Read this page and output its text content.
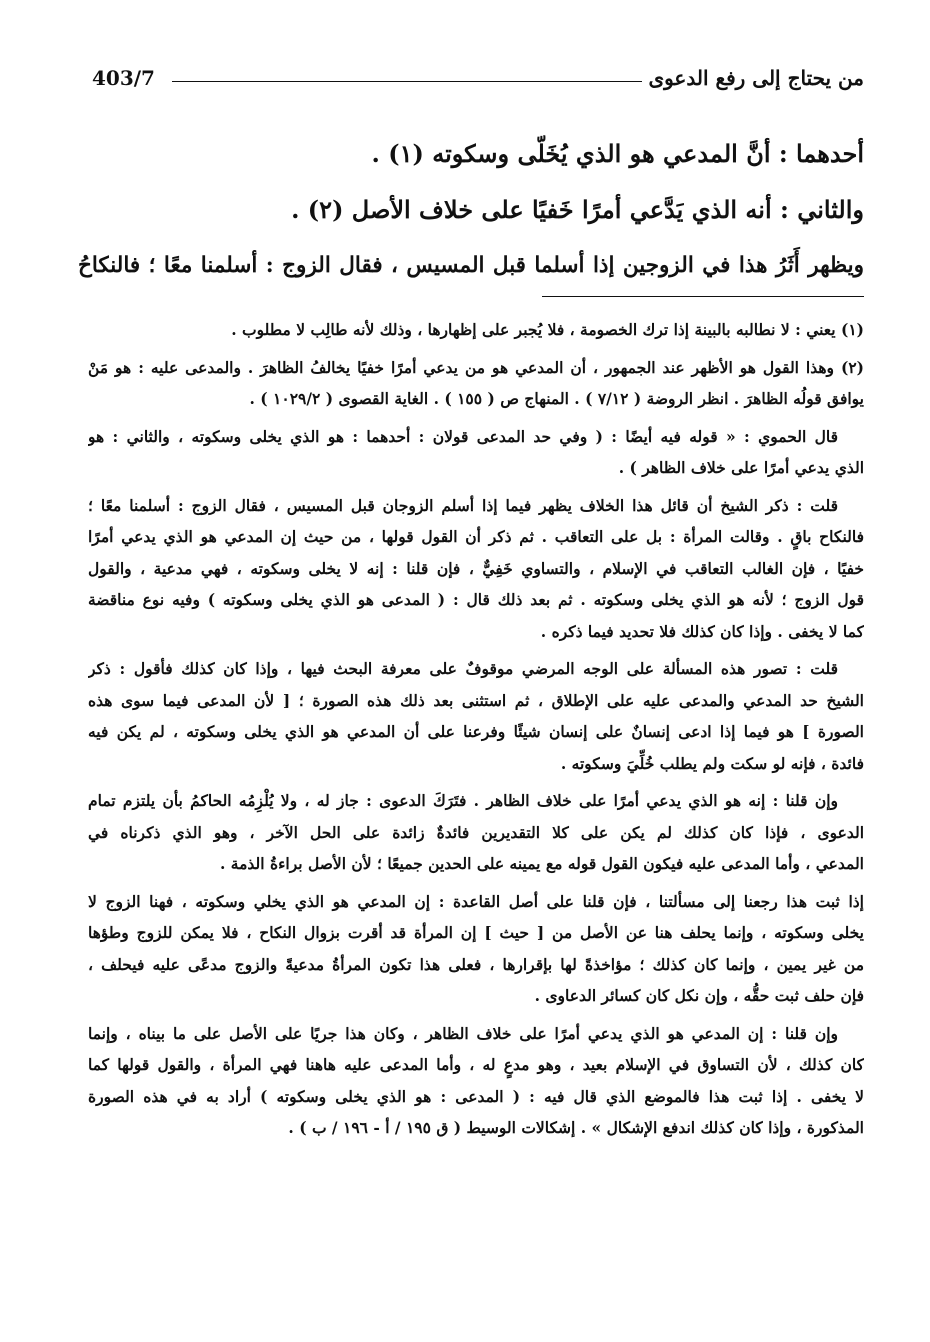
من يحتاج إلى رفع الدعوى
403/7
أحدهما : أنَّ المدعي هو الذي يُخَلّى وسكوته (١) .
والثاني : أنه الذي يَدَّعي أمرًا خَفيًا على خلاف الأصل (٢) .
ويظهر أَثَرُ هذا في الزوجين إذا أسلما قبل المسيس ، فقال الزوج : أسلمنا معًا ؛ فالنكاحُ
(١) يعني : لا نطالبه بالبينة إذا ترك الخصومة ، فلا يُجبر على إظهارها ، وذلك لأنه طالِب لا مطلوب .
(٢) وهذا القول هو الأظهر عند الجمهور ، أن المدعي هو من يدعي أمرًا خفيًا يخالفُ الظاهرَ . والمدعى عليه : هو مَنْ
يوافق قولُه الظاهرَ . انظر الروضة ( ٧/١٢ ) . المنهاج ص ( ١٥٥ ) . الغاية القصوى ( ١٠٢٩/٢ ) .
قال الحموي : « قوله فيه أيضًا : ( وفي حد المدعى قولان : أحدهما : هو الذي يخلى وسكوته ، والثاني : هو
الذي يدعي أمرًا على خلاف الظاهر ) .
قلت : ذكر الشيخ أن قائل هذا الخلاف يظهر فيما إذا أسلم الزوجان قبل المسيس ، فقال الزوج : أسلمنا معًا ؛
فالنكاح باقٍ . وقالت المرأة : بل على التعاقب . ثم ذكر أن القول قولها ، من حيث إن المدعي هو الذي يدعي أمرًا
خفيًا ، فإن الغالب التعاقب في الإسلام ، والتساوي خَفِيٌّ ، فإن قلنا : إنه لا يخلى وسكوته ، فهي مدعية ، والقول
قول الزوج ؛ لأنه هو الذي يخلى وسكوته . ثم بعد ذلك قال : ( المدعى هو الذي يخلى وسكوته ) وفيه نوع مناقضة
كما لا يخفى . وإذا كان كذلك فلا تحديد فيما ذكره .
قلت : تصور هذه المسألة على الوجه المرضي موقوفٌ على معرفة البحث فيها ، وإذا كان كذلك فأقول : ذكر
الشيخ حد المدعي والمدعى عليه على الإطلاق ، ثم استثنى بعد ذلك هذه الصورة ؛ [ لأن المدعى فيما سوى هذه
الصورة ] هو فيما إذا ادعى إنسانٌ على إنسان شيئًا وفرعنا على أن المدعي هو الذي يخلى وسكوته ، لم يكن فيه
فائدة ، فإنه لو سكت ولم يطلب خُلِّيَ وسكوته .
وإن قلنا : إنه هو الذي يدعي أمرًا على خلاف الظاهر . فتَرَكَ الدعوى : جاز له ، ولا يُلْزِمُه الحاكمُ بأن يلتزم تمام
الدعوى ، فإذا كان كذلك لم يكن على كلا التقديرين فائدةٌ زائدة على الحل الآخر ، وهو الذي ذكرناه في
المدعي ، وأما المدعى عليه فيكون القول قوله مع يمينه على الحدين جميعًا ؛ لأن الأصل براءةُ الذمة .
إذا ثبت هذا رجعنا إلى مسألتنا ، فإن قلنا على أصل القاعدة : إن المدعي هو الذي يخلي وسكوته ، فهنا الزوج لا
يخلى وسكوته ، وإنما يحلف هنا عن الأصل من [ حيث ] إن المرأة قد أقرت بزوال النكاح ، فلا يمكن للزوج وطؤها
من غير يمين ، وإنما كان كذلك ؛ مؤاخذةً لها بإقرارها ، فعلى هذا تكون المرأةُ مدعيةً والزوج مدعًى عليه فيحلف ،
فإن حلف ثبت حقُّه ، وإن نكل كان كسائر الدعاوى .
وإن قلنا : إن المدعي هو الذي يدعي أمرًا على خلاف الظاهر ، وكان هذا جريًا على الأصل على ما بيناه ، وإنما
كان كذلك ، لأن التساوق في الإسلام بعيد ، وهو مدعٍ له ، وأما المدعى عليه هاهنا فهي المرأة ، والقول قولها كما
لا يخفى . إذا ثبت هذا فالموضع الذي قال فيه : ( المدعى : هو الذي يخلى وسكوته ) أراد به في هذه الصورة
المذكورة ، وإذا كان كذلك اندفع الإشكال » . إشكالات الوسيط ( ق ١٩٥ / أ - ١٩٦ / ب ) .
